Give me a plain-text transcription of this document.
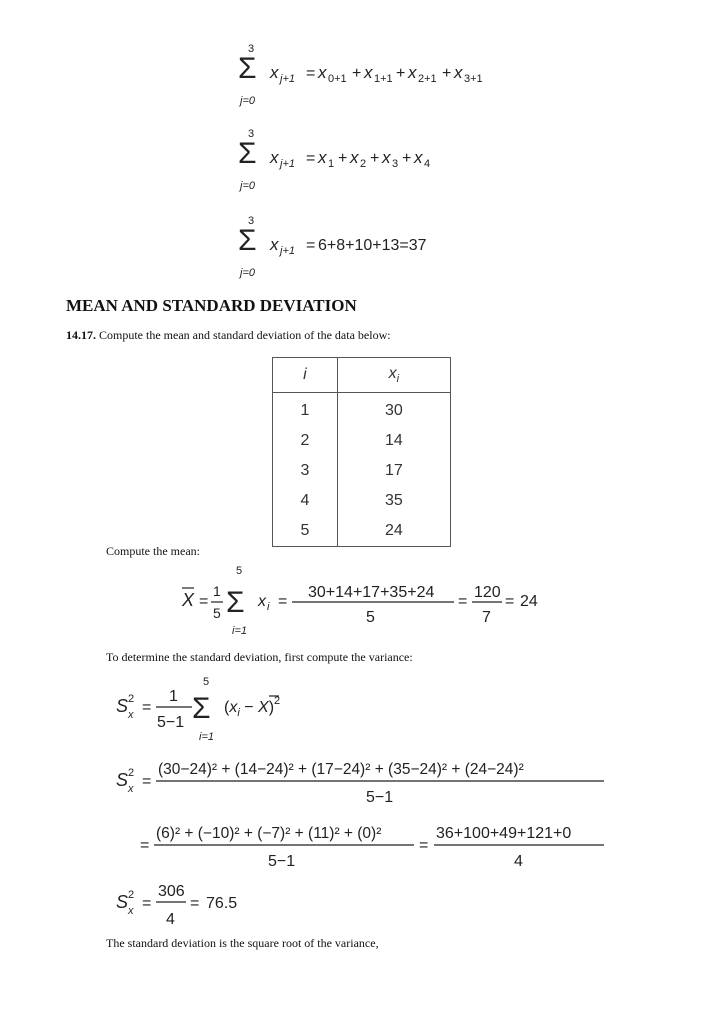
Σ
3
j=0
x j+1 = x 0+1 + x 1+1 + x 2+1 + x 3+1
Σ
3
j=0
x j+1 = x 1 + x 2 + x 3 + x 4
Σ
3
j=0
x j+1 = 6+8+10+13=37
MEAN AND STANDARD DEVIATION
14.17. Compute the mean and standard deviation of the data below:
i	$x_i$
1	30
2	14
3	17
4	35
5	24
Compute the mean:
X =
1
5 Σ
5
i=1
x i =
30+14+17+35+24
5
=
120
7
= 24
To determine the standard deviation, first compute the variance:
S 2
x =
1
5−1 Σ
5
i=1
$(x_i - X)^2$
S 2
x =
(30−24)² + (14−24)² + (17−24)² + (35−24)² + (24−24)²
5−1
=
(6)² + (−10)² + (−7)² + (11)² + (0)²
5−1
=
36+100+49+121+0
4
S 2
x =
306
4
= 76.5
The standard deviation is the square root of the variance,
